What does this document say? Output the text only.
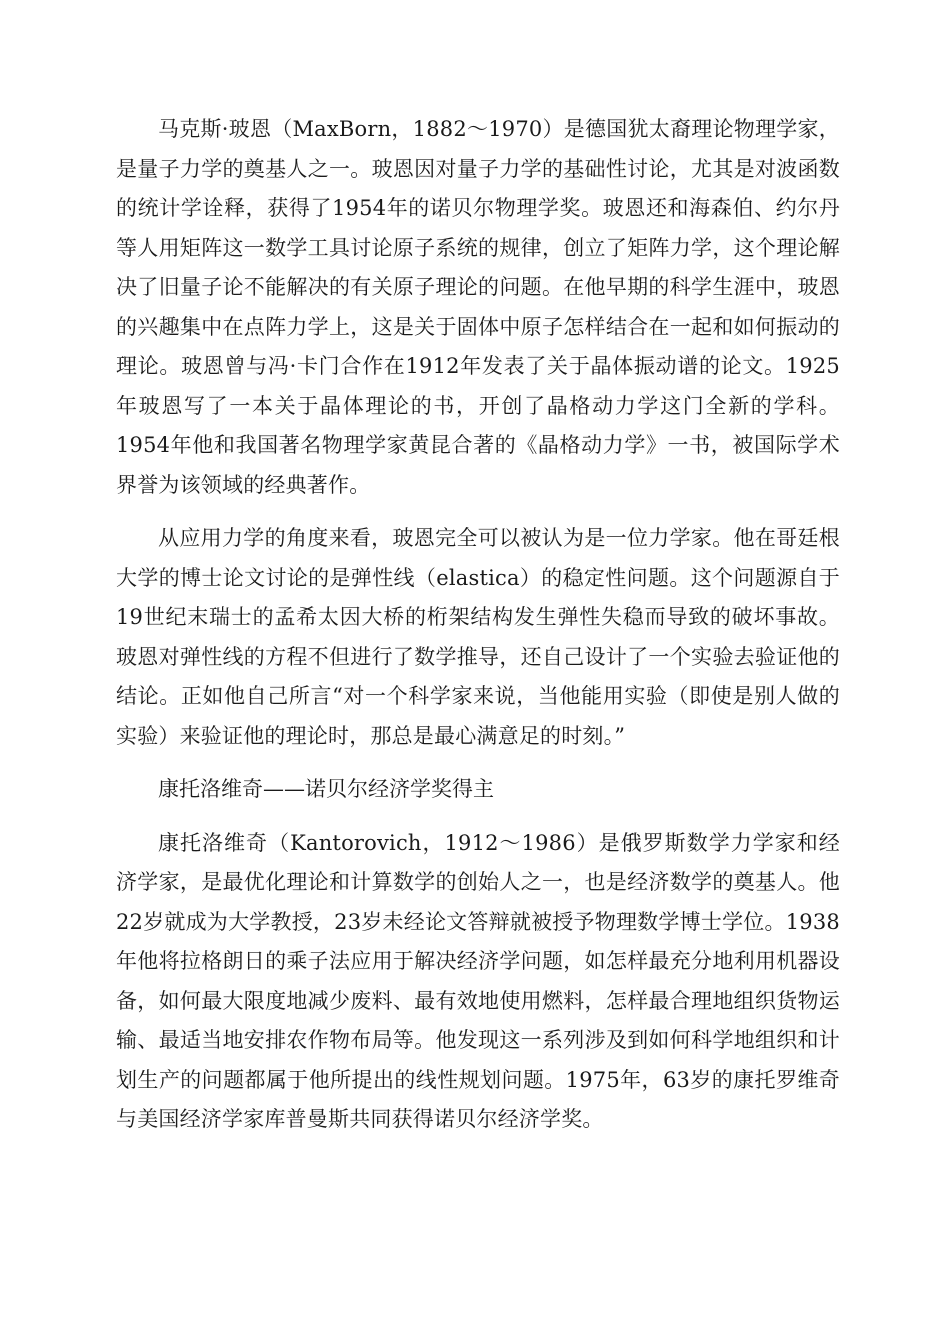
马克斯·玻恩（MaxBorn，1882～1970）是德国犹太裔理论物理学家，是量子力学的奠基人之一。玻恩因对量子力学的基础性讨论，尤其是对波函数的统计学诠释，获得了1954年的诺贝尔物理学奖。玻恩还和海森伯、约尔丹等人用矩阵这一数学工具讨论原子系统的规律，创立了矩阵力学，这个理论解决了旧量子论不能解决的有关原子理论的问题。在他早期的科学生涯中，玻恩的兴趣集中在点阵力学上，这是关于固体中原子怎样结合在一起和如何振动的理论。玻恩曾与冯·卡门合作在1912年发表了关于晶体振动谱的论文。1925年玻恩写了一本关于晶体理论的书，开创了晶格动力学这门全新的学科。1954年他和我国著名物理学家黄昆合著的《晶格动力学》一书，被国际学术界誉为该领域的经典著作。

从应用力学的角度来看，玻恩完全可以被认为是一位力学家。他在哥廷根大学的博士论文讨论的是弹性线（elastica）的稳定性问题。这个问题源自于19世纪末瑞士的孟希太因大桥的桁架结构发生弹性失稳而导致的破坏事故。玻恩对弹性线的方程不但进行了数学推导，还自己设计了一个实验去验证他的结论。正如他自己所言“对一个科学家来说，当他能用实验（即使是别人做的实验）来验证他的理论时，那总是最心满意足的时刻。”

康托洛维奇——诺贝尔经济学奖得主

康托洛维奇（Kantorovich，1912～1986）是俄罗斯数学力学家和经济学家，是最优化理论和计算数学的创始人之一，也是经济数学的奠基人。他22岁就成为大学教授，23岁未经论文答辩就被授予物理数学博士学位。1938年他将拉格朗日的乘子法应用于解决经济学问题，如怎样最充分地利用机器设备，如何最大限度地减少废料、最有效地使用燃料，怎样最合理地组织货物运输、最适当地安排农作物布局等。他发现这一系列涉及到如何科学地组织和计划生产的问题都属于他所提出的线性规划问题。1975年，63岁的康托罗维奇与美国经济学家库普曼斯共同获得诺贝尔经济学奖。
